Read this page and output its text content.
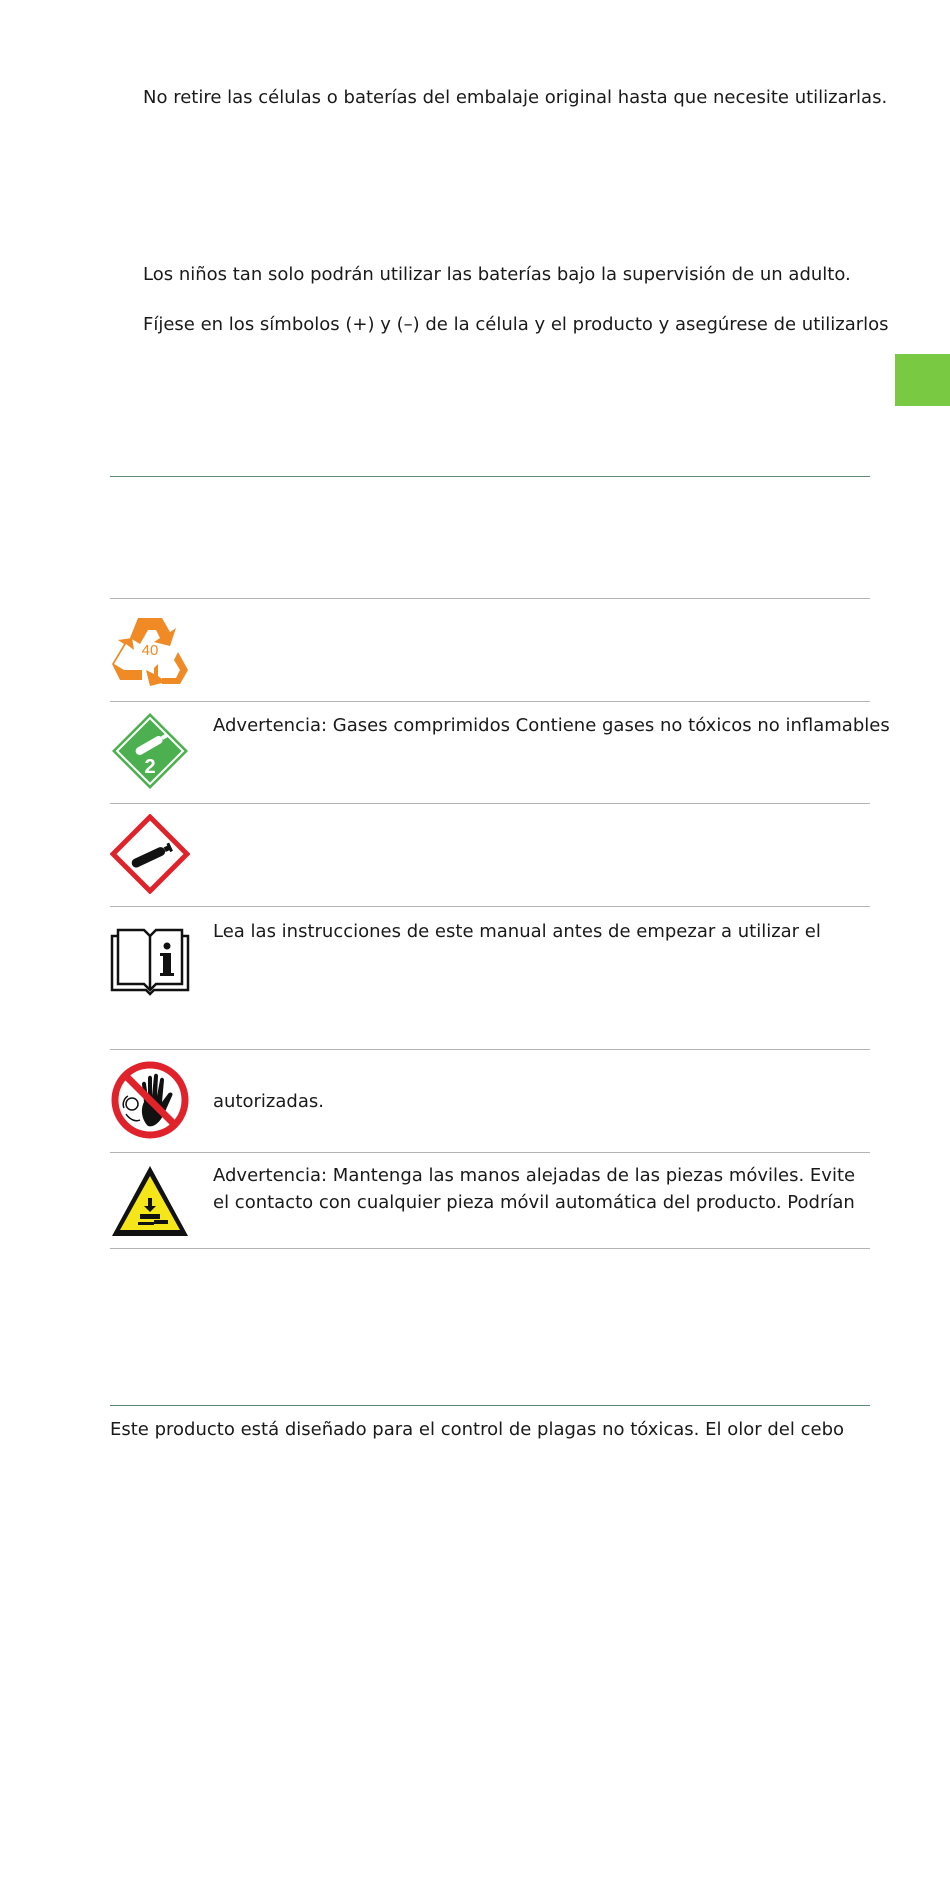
No retire las células o baterías del embalaje original hasta que necesite utilizarlas.

Los niños tan solo podrán utilizar las baterías bajo la supervisión de un adulto.

Fíjese en los símbolos (+) y (–) de la célula y el producto y asegúrese de utilizarlos

40

2

Advertencia: Gases comprimidos Contiene gases no tóxicos no inflamables

Lea las instrucciones de este manual antes de empezar a utilizar el

autorizadas.

Advertencia: Mantenga las manos alejadas de las piezas móviles. Evite

el contacto con cualquier pieza móvil automática del producto. Podrían

Este producto está diseñado para el control de plagas no tóxicas. El olor del cebo
